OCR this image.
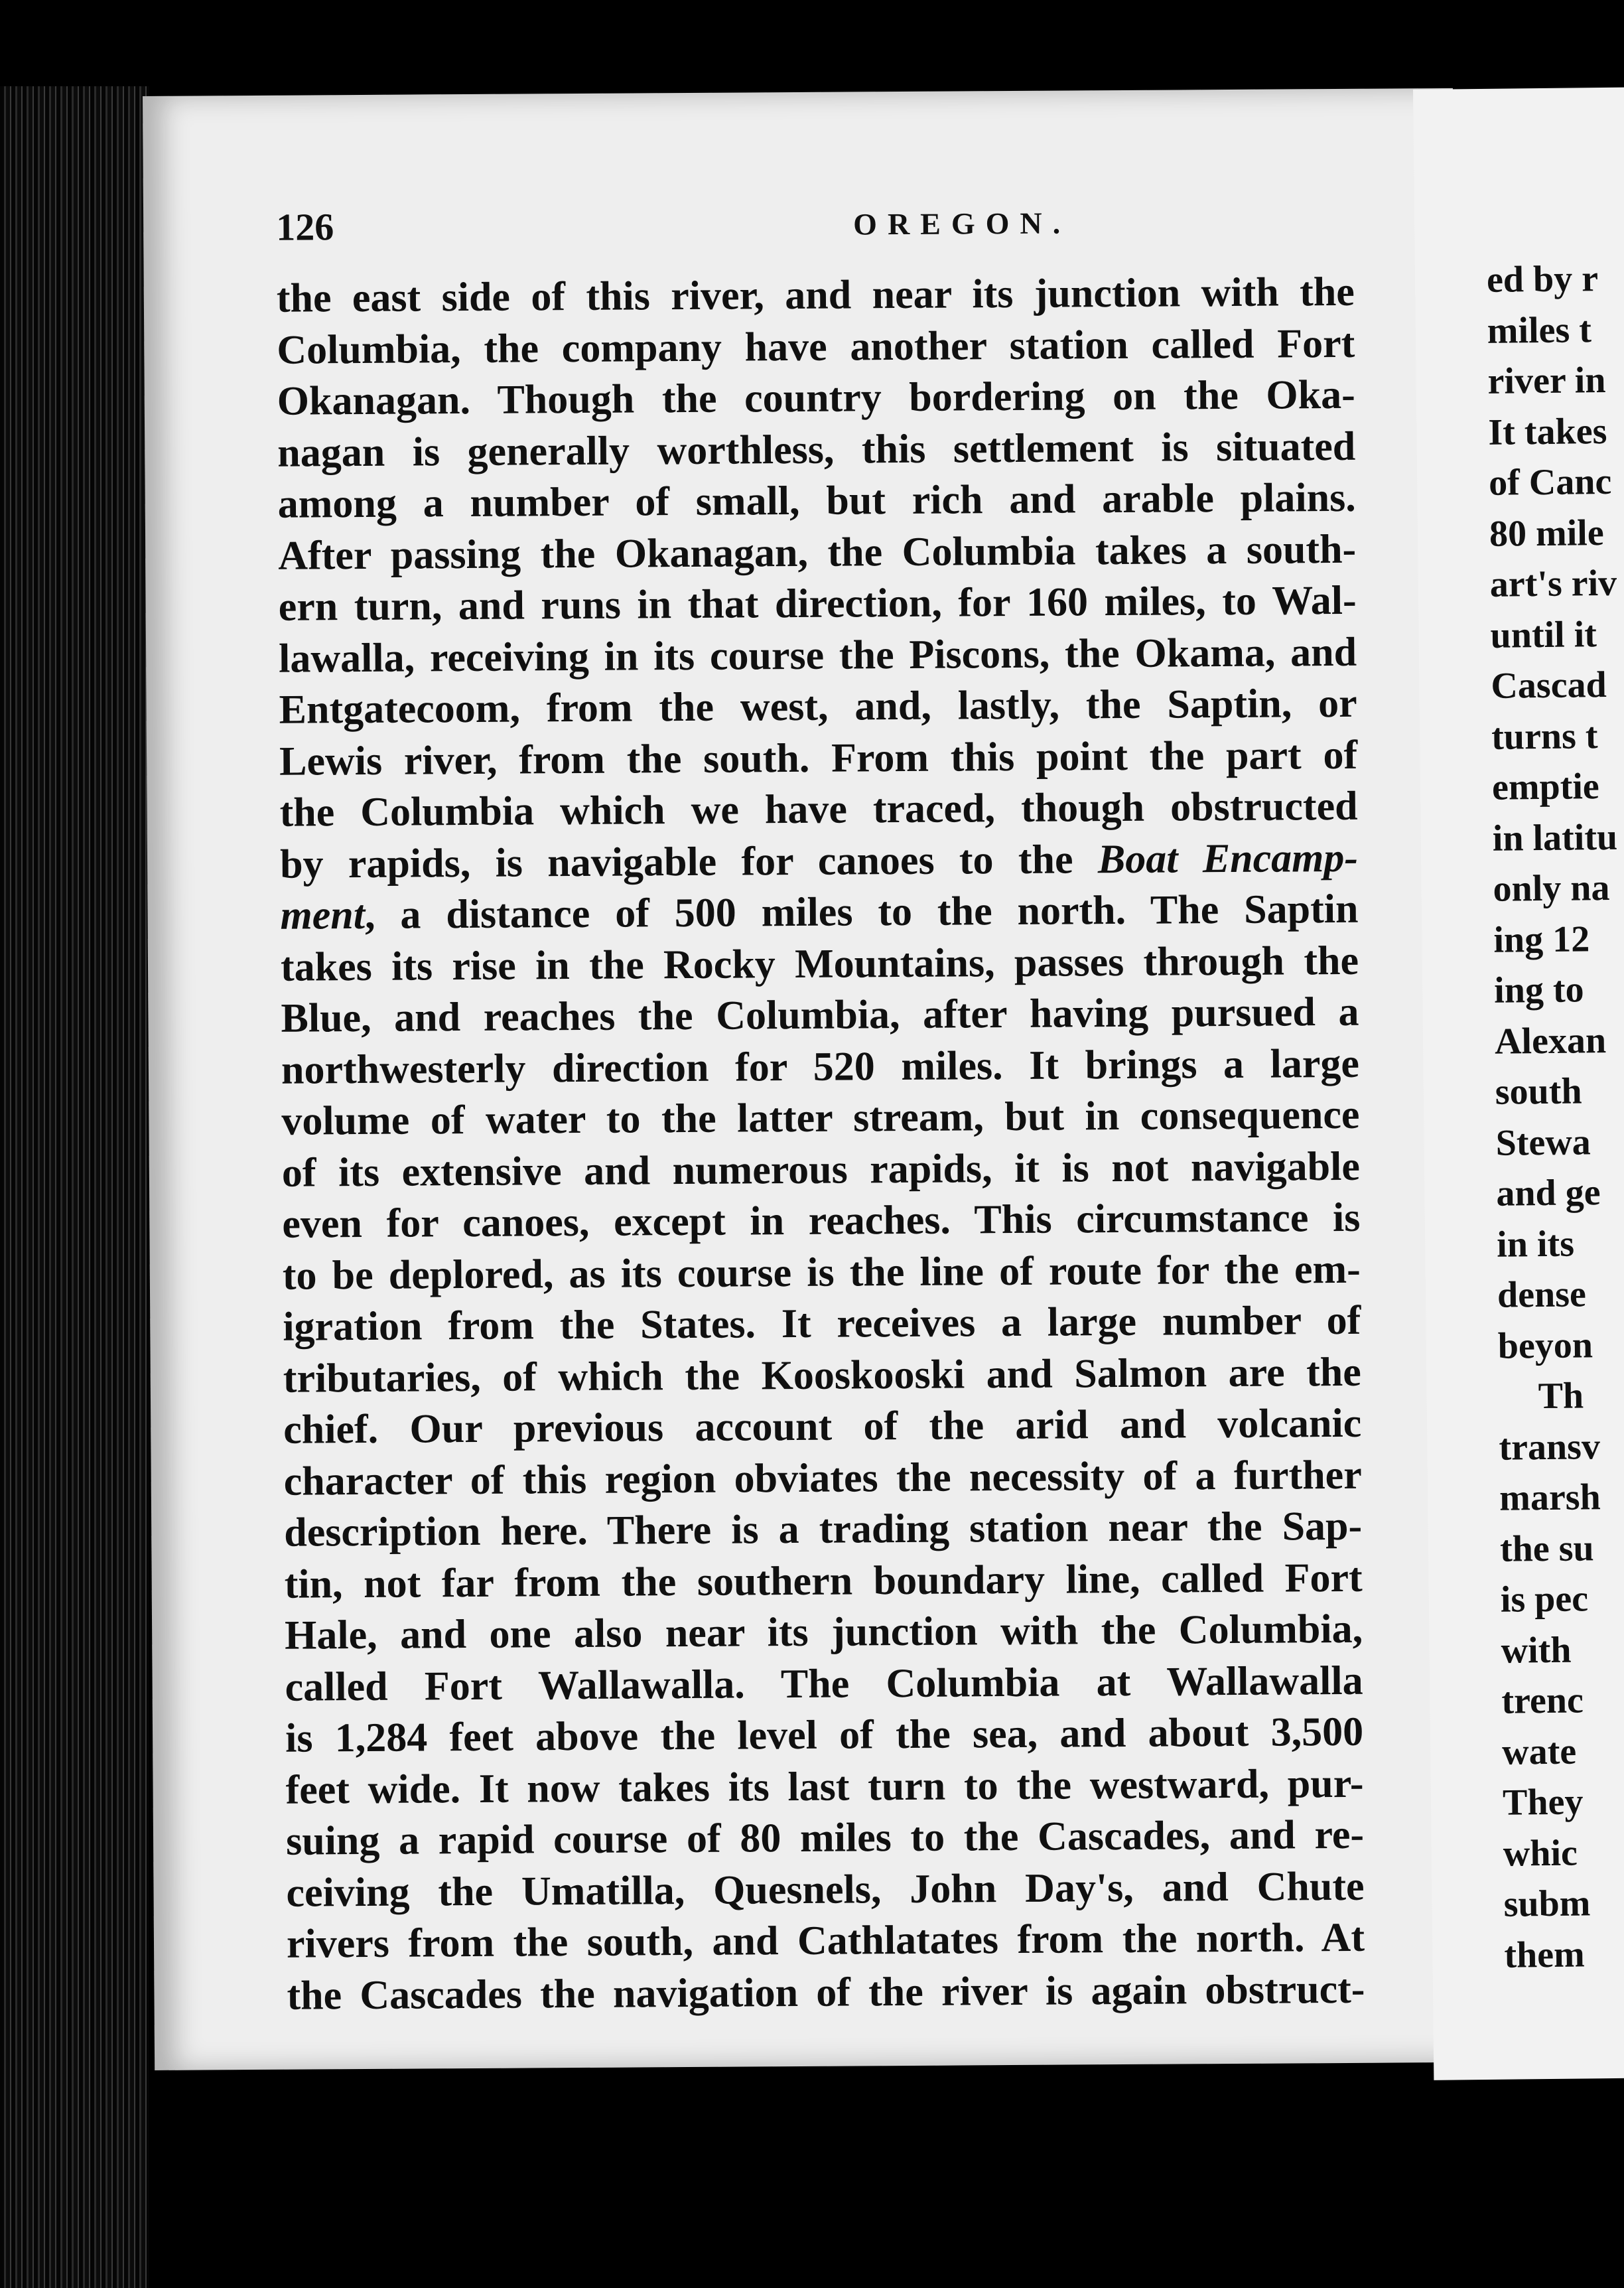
126	OREGON.
the east side of this river, and near its junction with the
Columbia, the company have another station called Fort
Okanagan. Though the country bordering on the Oka-
nagan is generally worthless, this settlement is situated
among a number of small, but rich and arable plains.
After passing the Okanagan, the Columbia takes a south-
ern turn, and runs in that direction, for 160 miles, to Wal-
lawalla, receiving in its course the Piscons, the Okama, and
Entgatecoom, from the west, and, lastly, the Saptin, or
Lewis river, from the south. From this point the part of
the Columbia which we have traced, though obstructed
by rapids, is navigable for canoes to the Boat Encamp-
ment, a distance of 500 miles to the north. The Saptin
takes its rise in the Rocky Mountains, passes through the
Blue, and reaches the Columbia, after having pursued a
northwesterly direction for 520 miles. It brings a large
volume of water to the latter stream, but in consequence
of its extensive and numerous rapids, it is not navigable
even for canoes, except in reaches. This circumstance is
to be deplored, as its course is the line of route for the em-
igration from the States. It receives a large number of
tributaries, of which the Kooskooski and Salmon are the
chief. Our previous account of the arid and volcanic
character of this region obviates the necessity of a further
description here. There is a trading station near the Sap-
tin, not far from the southern boundary line, called Fort
Hale, and one also near its junction with the Columbia,
called Fort Wallawalla. The Columbia at Wallawalla
is 1,284 feet above the level of the sea, and about 3,500
feet wide. It now takes its last turn to the westward, pur-
suing a rapid course of 80 miles to the Cascades, and re-
ceiving the Umatilla, Quesnels, John Day's, and Chute
rivers from the south, and Cathlatates from the north. At
the Cascades the navigation of the river is again obstruct-
ed by r
miles t
river in
It takes
of Canc
80 mile
art's riv
until it
Cascad
turns t
emptie
in latitu
only na
ing 12
ing to
Alexan
south
Stewa
and ge
in its
dense
beyon
Th
transv
marsh
the su
is pec
with
trenc
wate
They
whic
subm
them
